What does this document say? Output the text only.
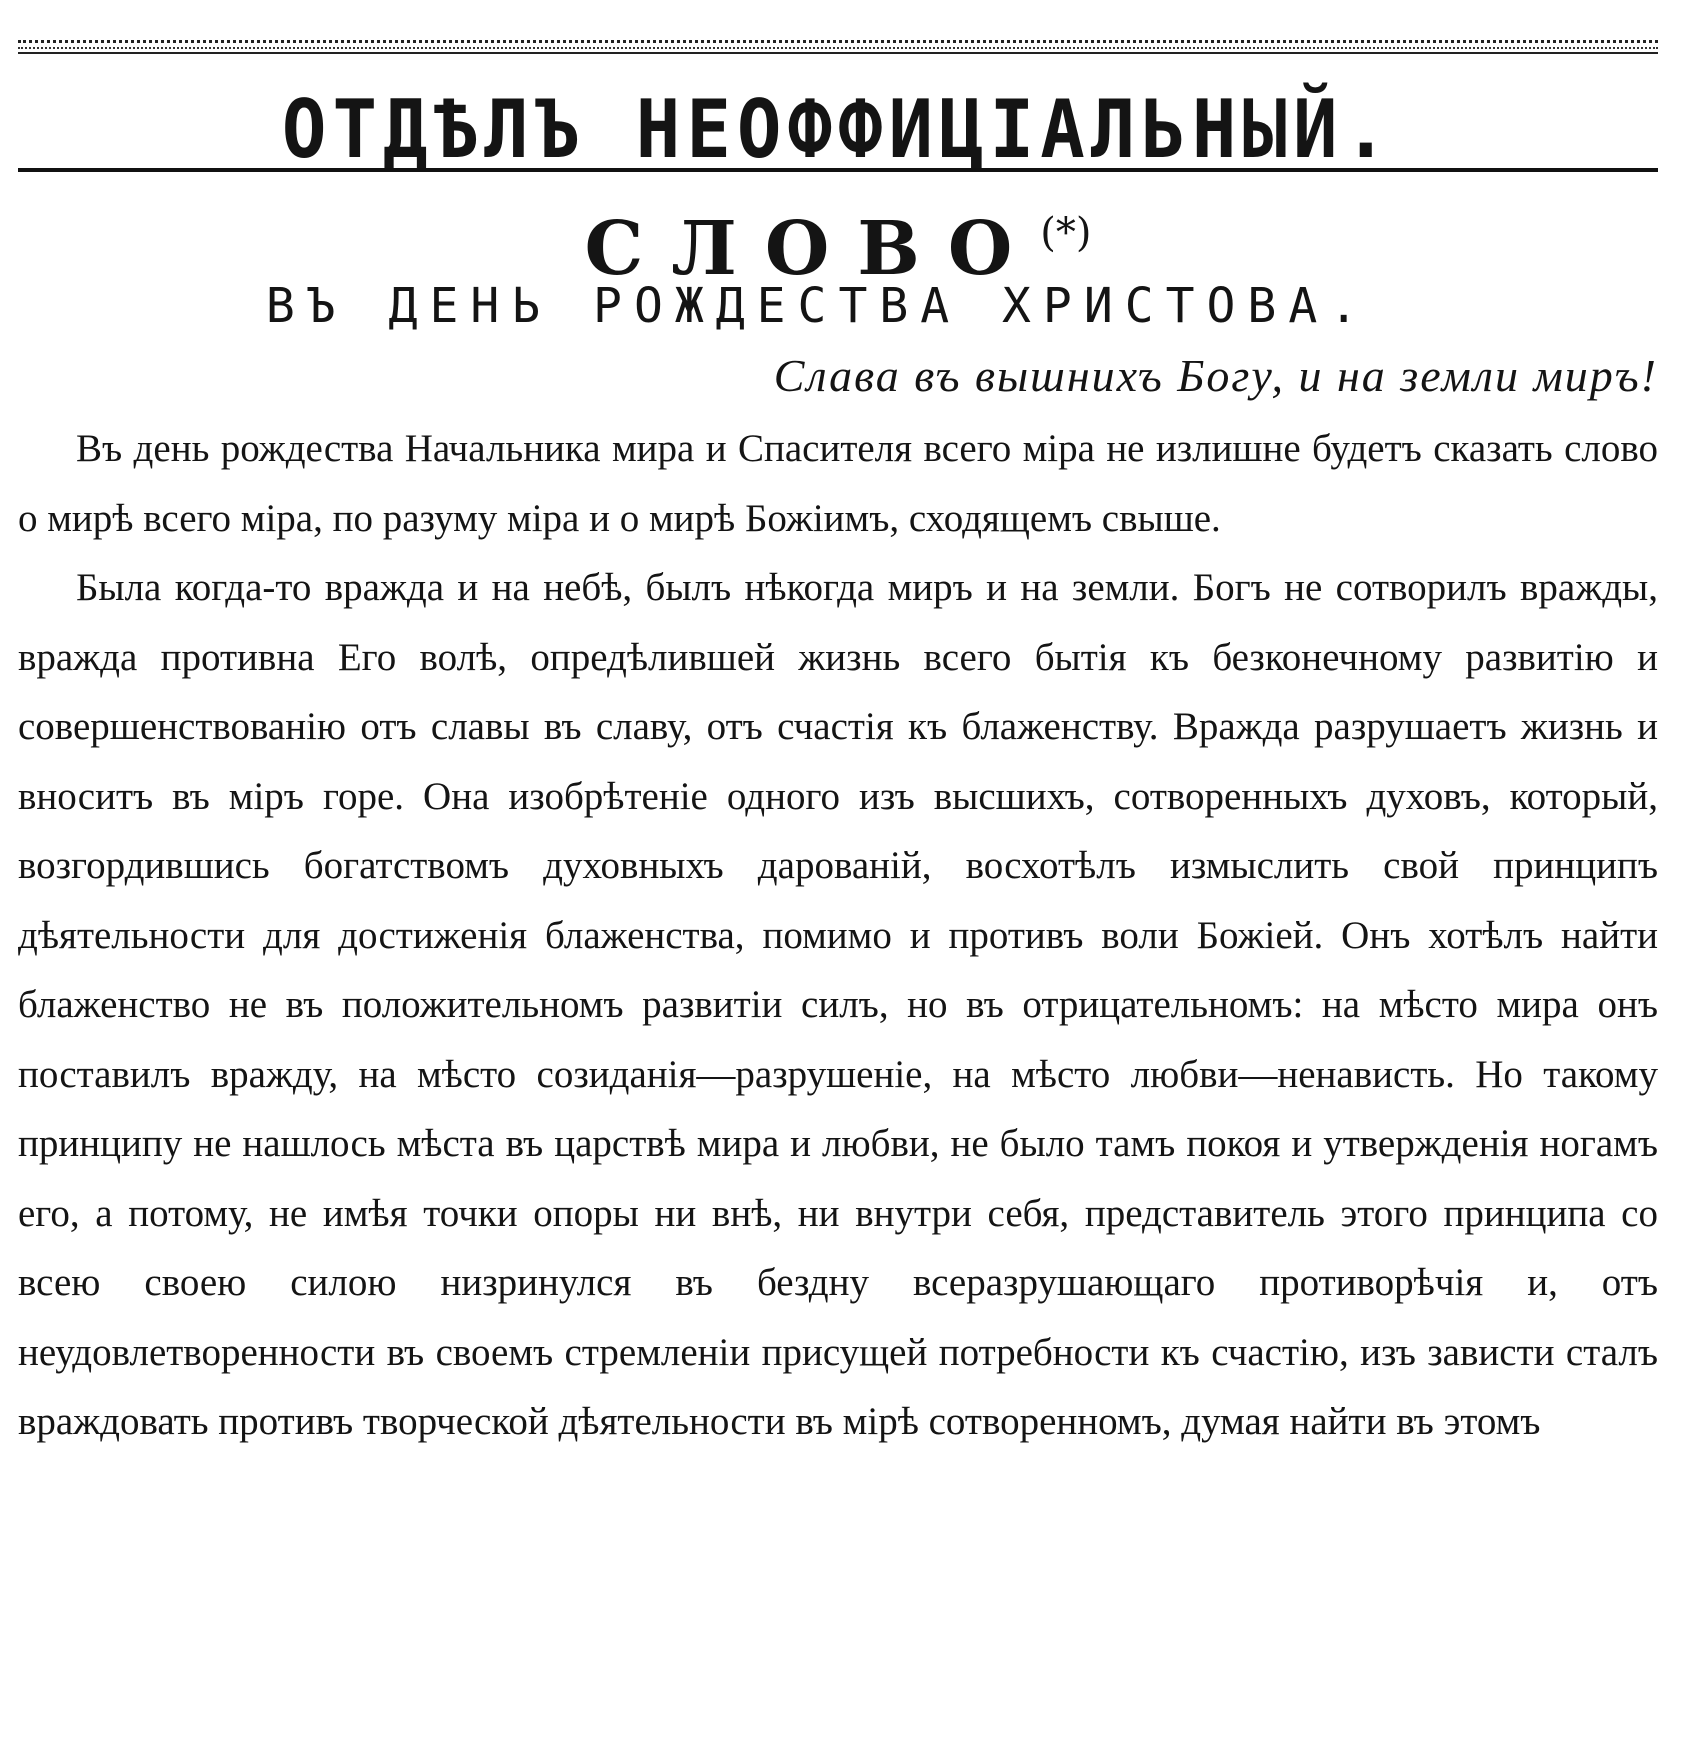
ОТДѢЛЪ НЕОФФИЦІАЛЬНЫЙ.
СЛОВО(*)
ВЪ ДЕНЬ РОЖДЕСТВА ХРИСТОВА.
Слава въ вышнихъ Богу, и на земли миръ!

Въ день рождества Начальника мира и Спасителя всего міра не излишне будетъ сказать слово о мирѣ всего міра, по разуму міра и о мирѣ Божіимъ, сходящемъ свыше.

Была когда-то вражда и на небѣ, былъ нѣкогда миръ и на земли. Богъ не сотворилъ вражды, вражда противна Его волѣ, опредѣлившей жизнь всего бытія къ безконечному развитію и совершенствованію отъ славы въ славу, отъ счастія къ блаженству. Вражда разрушаетъ жизнь и вноситъ въ міръ горе. Она изобрѣтеніе одного изъ высшихъ, сотворенныхъ духовъ, который, возгордившись богатствомъ духовныхъ дарованій, восхотѣлъ измыслить свой принципъ дѣятельности для достиженія блаженства, помимо и противъ воли Божіей. Онъ хотѣлъ найти блаженство не въ положительномъ развитіи силъ, но въ отрицательномъ: на мѣсто мира онъ поставилъ вражду, на мѣсто созиданія—разрушеніе, на мѣсто любви—ненависть. Но такому принципу не нашлось мѣста въ царствѣ мира и любви, не было тамъ покоя и утвержденія ногамъ его, а потому, не имѣя точки опоры ни внѣ, ни внутри себя, представитель этого принципа со всею своею силою низринулся въ бездну всеразрушающаго противорѣчія и, отъ неудовлетворенности въ своемъ стремленіи присущей потребности къ счастію, изъ зависти сталъ враждовать противъ творческой дѣятельности въ мірѣ сотворенномъ, думая найти въ этомъ
